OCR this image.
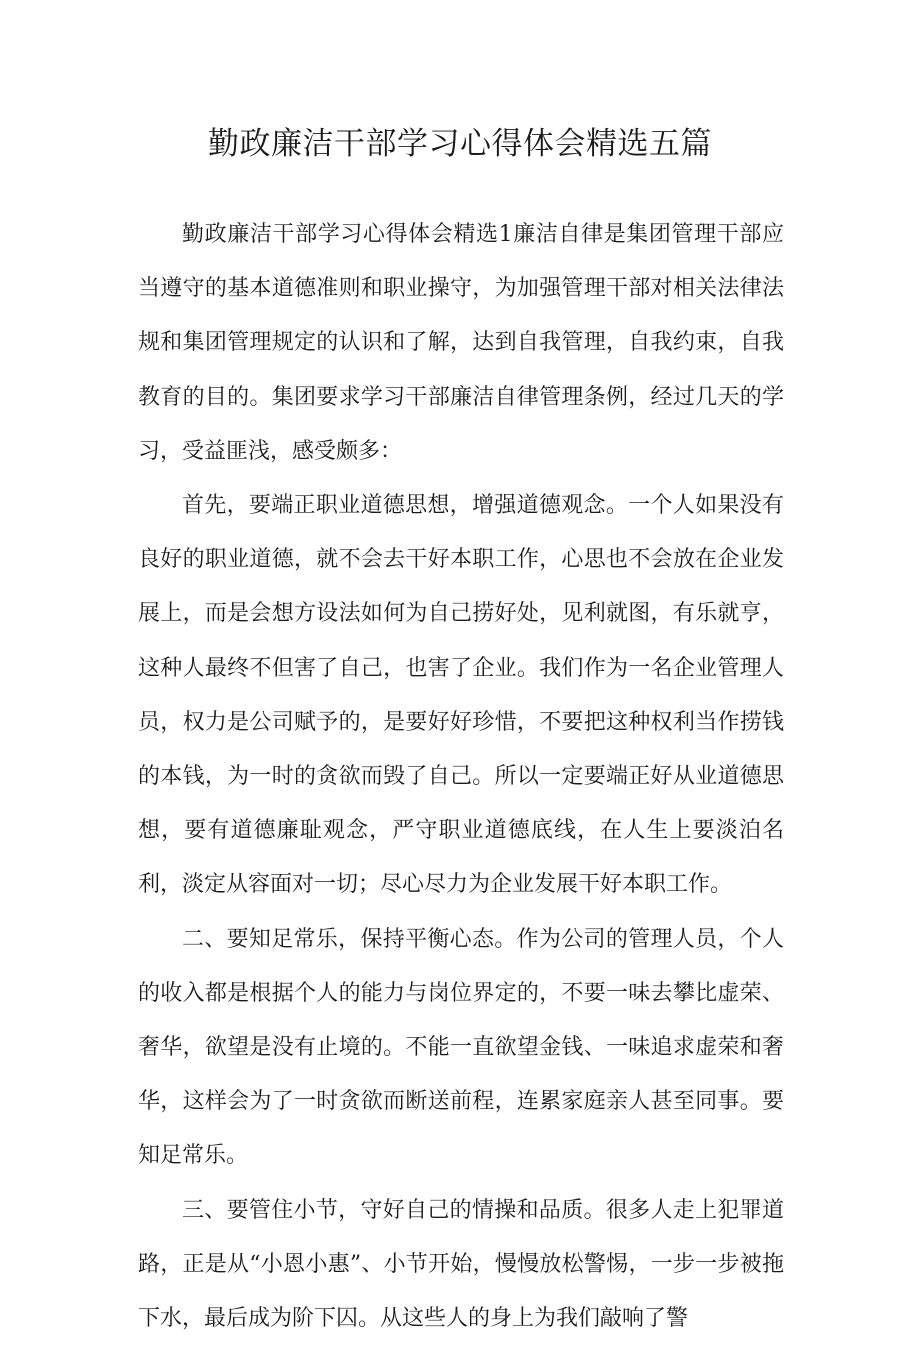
勤政廉洁干部学习心得体会精选五篇

勤政廉洁干部学习心得体会精选1廉洁自律是集团管理干部应当遵守的基本道德准则和职业操守，为加强管理干部对相关法律法规和集团管理规定的认识和了解，达到自我管理，自我约束，自我教育的目的。集团要求学习干部廉洁自律管理条例，经过几天的学习，受益匪浅，感受颇多：

首先，要端正职业道德思想，增强道德观念。一个人如果没有良好的职业道德，就不会去干好本职工作，心思也不会放在企业发展上，而是会想方设法如何为自己捞好处，见利就图，有乐就亨，这种人最终不但害了自己，也害了企业。我们作为一名企业管理人员，权力是公司赋予的，是要好好珍惜，不要把这种权利当作捞钱的本钱，为一时的贪欲而毁了自己。所以一定要端正好从业道德思想，要有道德廉耻观念，严守职业道德底线，在人生上要淡泊名利，淡定从容面对一切；尽心尽力为企业发展干好本职工作。

二、要知足常乐，保持平衡心态。作为公司的管理人员，个人的收入都是根据个人的能力与岗位界定的，不要一味去攀比虚荣、奢华，欲望是没有止境的。不能一直欲望金钱、一味追求虚荣和奢华，这样会为了一时贪欲而断送前程，连累家庭亲人甚至同事。要知足常乐。

三、要管住小节，守好自己的情操和品质。很多人走上犯罪道路，正是从“小恩小惠”、小节开始，慢慢放松警惕，一步一步被拖下水，最后成为阶下囚。从这些人的身上为我们敲响了警
